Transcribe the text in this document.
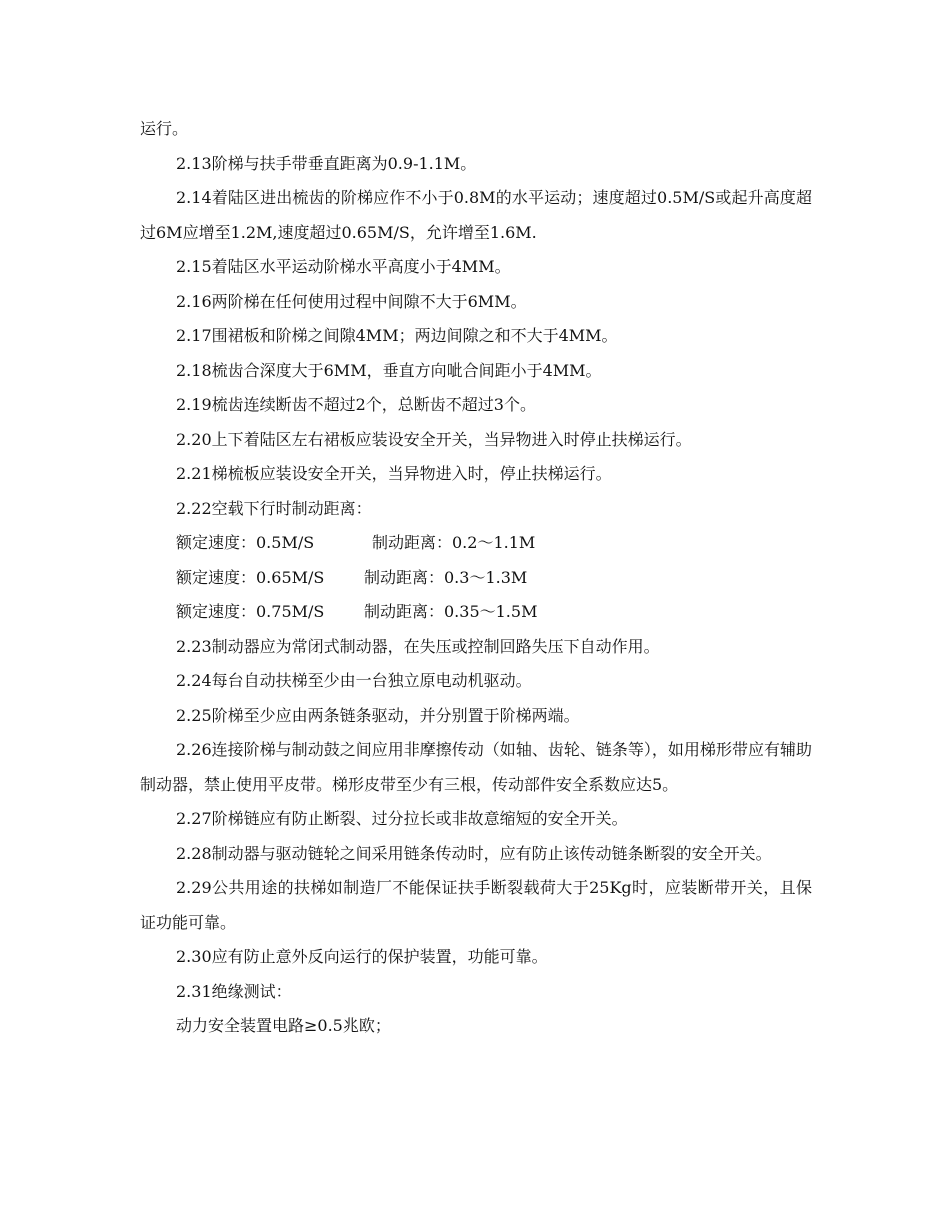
运行。

2.13阶梯与扶手带垂直距离为0.9-1.1M。

2.14着陆区进出梳齿的阶梯应作不小于0.8M的水平运动；速度超过0.5M/S或起升高度超过6M应增至1.2M,速度超过0.65M/S，允许增至1.6M.

2.15着陆区水平运动阶梯水平高度小于4MM。

2.16两阶梯在任何使用过程中间隙不大于6MM。

2.17围裙板和阶梯之间隙4MM；两边间隙之和不大于4MM。

2.18梳齿合深度大于6MM，垂直方向呲合间距小于4MM。

2.19梳齿连续断齿不超过2个，总断齿不超过3个。

2.20上下着陆区左右裙板应装设安全开关，当异物进入时停止扶梯运行。

2.21梯梳板应装设安全开关，当异物进入时，停止扶梯运行。

2.22空载下行时制动距离：

额定速度：0.5M/S	制动距离：0.2～1.1M
额定速度：0.65M/S 制动距离：0.3～1.3M
额定速度：0.75M/S 制动距离：0.35～1.5M

2.23制动器应为常闭式制动器，在失压或控制回路失压下自动作用。

2.24每台自动扶梯至少由一台独立原电动机驱动。

2.25阶梯至少应由两条链条驱动，并分别置于阶梯两端。

2.26连接阶梯与制动鼓之间应用非摩擦传动（如轴、齿轮、链条等），如用梯形带应有辅助制动器，禁止使用平皮带。梯形皮带至少有三根，传动部件安全系数应达5。

2.27阶梯链应有防止断裂、过分拉长或非故意缩短的安全开关。

2.28制动器与驱动链轮之间采用链条传动时，应有防止该传动链条断裂的安全开关。

2.29公共用途的扶梯如制造厂不能保证扶手断裂载荷大于25Kg时，应装断带开关，且保证功能可靠。

2.30应有防止意外反向运行的保护装置，功能可靠。

2.31绝缘测试：

动力安全装置电路≥0.5兆欧；
